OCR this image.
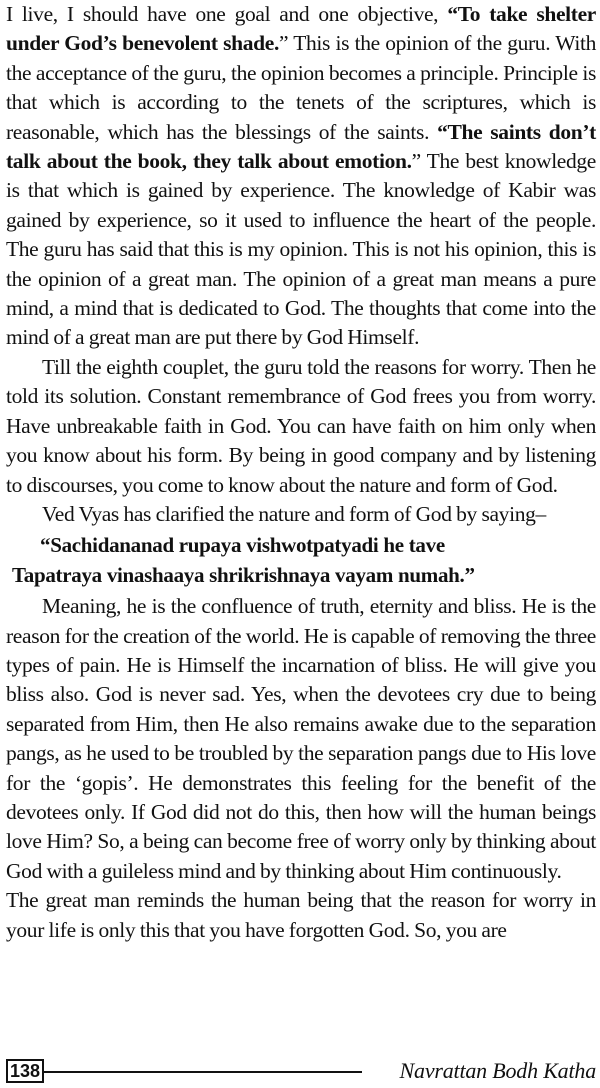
I live, I should have one goal and one objective, “To take shelter under God’s benevolent shade.” This is the opinion of the guru. With the acceptance of the guru, the opinion becomes a principle. Principle is that which is according to the tenets of the scriptures, which is reasonable, which has the blessings of the saints. “The saints don’t talk about the book, they talk about emotion.” The best knowledge is that which is gained by experience. The knowledge of Kabir was gained by experience, so it used to influence the heart of the people. The guru has said that this is my opinion. This is not his opinion, this is the opinion of a great man. The opinion of a great man means a pure mind, a mind that is dedicated to God. The thoughts that come into the mind of a great man are put there by God Himself.

Till the eighth couplet, the guru told the reasons for worry. Then he told its solution. Constant remembrance of God frees you from worry. Have unbreakable faith in God. You can have faith on him only when you know about his form. By being in good company and by listening to discourses, you come to know about the nature and form of God.

Ved Vyas has clarified the nature and form of God by saying–

“Sachidananad rupaya vishwotpatyadi he tave
Tapatraya vinashaaya shrikrishnaya vayam numah.”

Meaning, he is the confluence of truth, eternity and bliss. He is the reason for the creation of the world. He is capable of removing the three types of pain. He is Himself the incarnation of bliss. He will give you bliss also. God is never sad. Yes, when the devotees cry due to being separated from Him, then He also remains awake due to the separation pangs, as he used to be troubled by the separation pangs due to His love for the ‘gopis’. He demonstrates this feeling for the benefit of the devotees only. If God did not do this, then how will the human beings love Him? So, a being can become free of worry only by thinking about God with a guileless mind and by thinking about Him continuously.

The great man reminds the human being that the reason for worry in your life is only this that you have forgotten God. So, you are

138	Navrattan Bodh Katha
